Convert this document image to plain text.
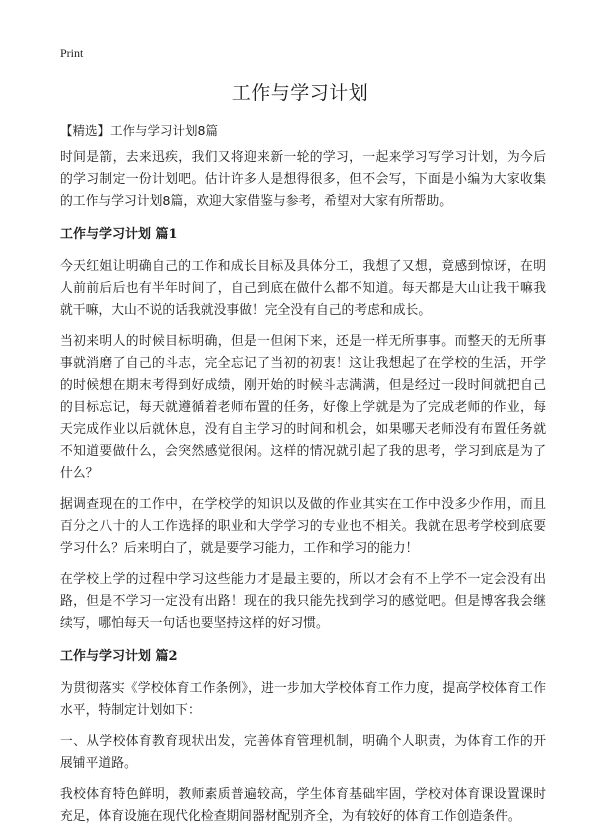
Print
工作与学习计划

【精选】工作与学习计划8篇

时间是箭，去来迅疾，我们又将迎来新一轮的学习，一起来学习写学习计划，为今后的学习制定一份计划吧。估计许多人是想得很多，但不会写，下面是小编为大家收集的工作与学习计划8篇，欢迎大家借鉴与参考，希望对大家有所帮助。

工作与学习计划 篇1

今天红姐让明确自己的工作和成长目标及具体分工，我想了又想，竟感到惊讶，在明人前前后后也有半年时间了，自己到底在做什么都不知道。每天都是大山让我干嘛我就干嘛，大山不说的话我就没事做！完全没有自己的考虑和成长。

当初来明人的时候目标明确，但是一但闲下来，还是一样无所事事。而整天的无所事事就消磨了自己的斗志，完全忘记了当初的初衷！这让我想起了在学校的生活，开学的时候想在期末考得到好成绩，刚开始的时候斗志满满，但是经过一段时间就把自己的目标忘记，每天就遵循着老师布置的任务，好像上学就是为了完成老师的作业，每天完成作业以后就休息，没有自主学习的时间和机会，如果哪天老师没有布置任务就不知道要做什么，会突然感觉很闲。这样的情况就引起了我的思考，学习到底是为了什么？

据调查现在的工作中，在学校学的知识以及做的作业其实在工作中没多少作用，而且百分之八十的人工作选择的职业和大学学习的专业也不相关。我就在思考学校到底要学习什么？后来明白了，就是要学习能力，工作和学习的能力！

在学校上学的过程中学习这些能力才是最主要的，所以才会有不上学不一定会没有出路，但是不学习一定没有出路！现在的我只能先找到学习的感觉吧。但是博客我会继续写，哪怕每天一句话也要坚持这样的好习惯。

工作与学习计划 篇2

为贯彻落实《学校体育工作条例》，进一步加大学校体育工作力度，提高学校体育工作水平，特制定计划如下：

一、从学校体育教育现状出发，完善体育管理机制，明确个人职责，为体育工作的开展铺平道路。

我校体育特色鲜明，教师素质普遍较高，学生体育基础牢固，学校对体育课设置课时充足，体育设施在现代化检查期间器材配别齐全，为有较好的体育工作创造条件。
